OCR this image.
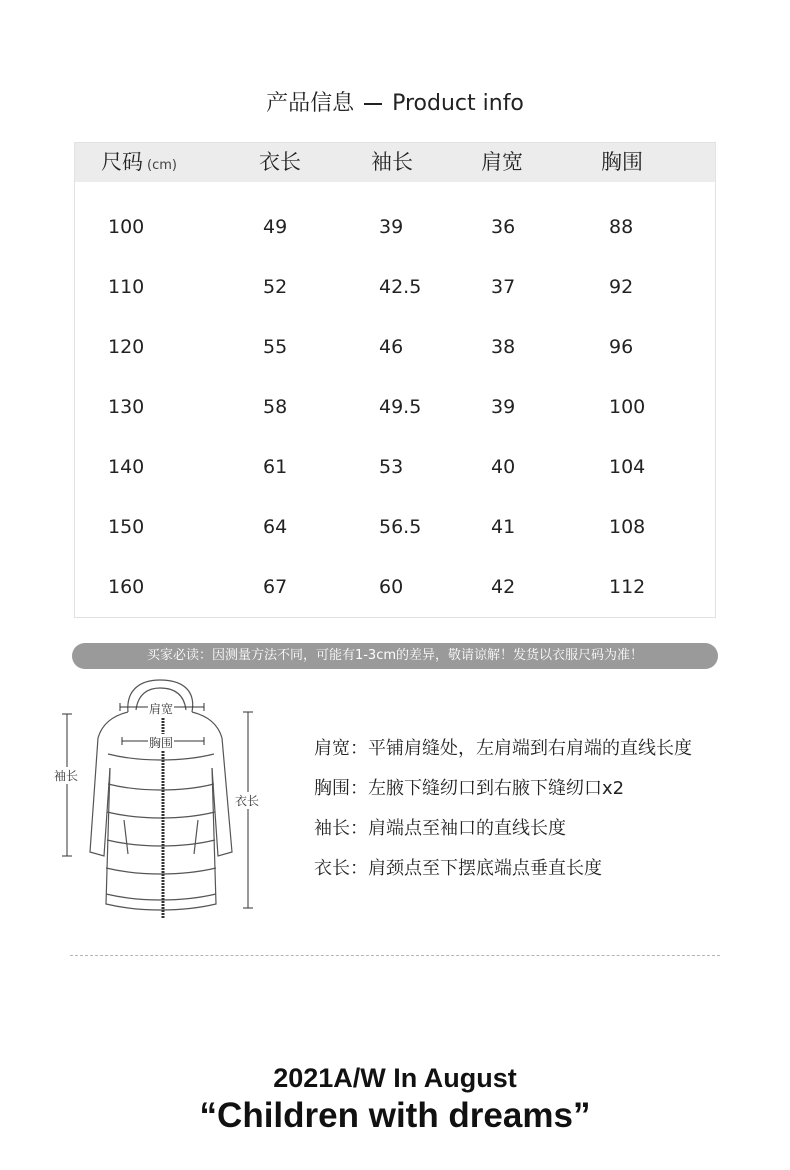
产品信息 Product info
尺码 (cm)	衣长	袖长	肩宽	胸围
100	49	39	36	88
110	52	42.5	37	92
120	55	46	38	96
130	58	49.5	39	100
140	61	53	40	104
150	64	56.5	41	108
160	67	60	42	112
买家必读：因测量方法不同，可能有1-3cm的差异，敬请谅解！发货以衣服尺码为准！
肩宽
胸围
袖长
衣长
肩宽：平铺肩缝处，左肩端到右肩端的直线长度
胸围：左腋下缝纫口到右腋下缝纫口x2
袖长：肩端点至袖口的直线长度
衣长：肩颈点至下摆底端点垂直长度
2021A/W In August
“Children with dreams”
